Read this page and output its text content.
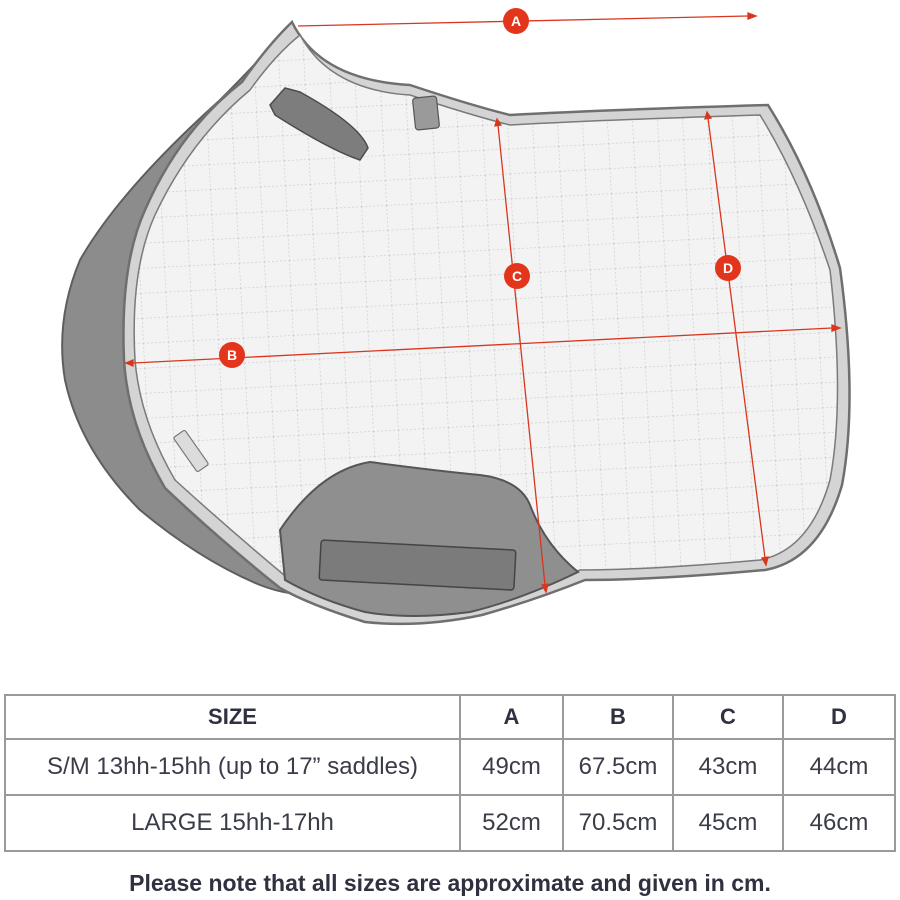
A
B
C	D
SIZE	A	B	C	D
S/M 13hh-15hh (up to 17” saddles)	49cm	67.5cm	43cm	44cm
LARGE 15hh-17hh	52cm	70.5cm	45cm	46cm
Please note that all sizes are approximate and given in cm.
